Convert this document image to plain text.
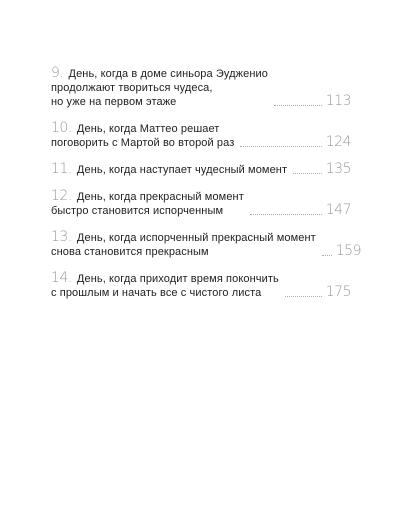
9. День, когда в доме синьора Эудженио
продолжают твориться чудеса,
но уже на первом этаже	113
10. День, когда Маттео решает
поговорить с Мартой во второй раз	124
11. День, когда наступает чудесный момент	135
12. День, когда прекрасный момент
быстро становится испорченным	147
13. День, когда испорченный прекрасный момент
снова становится прекрасным	159
14. День, когда приходит время покончить
с прошлым и начать все с чистого листа	175
